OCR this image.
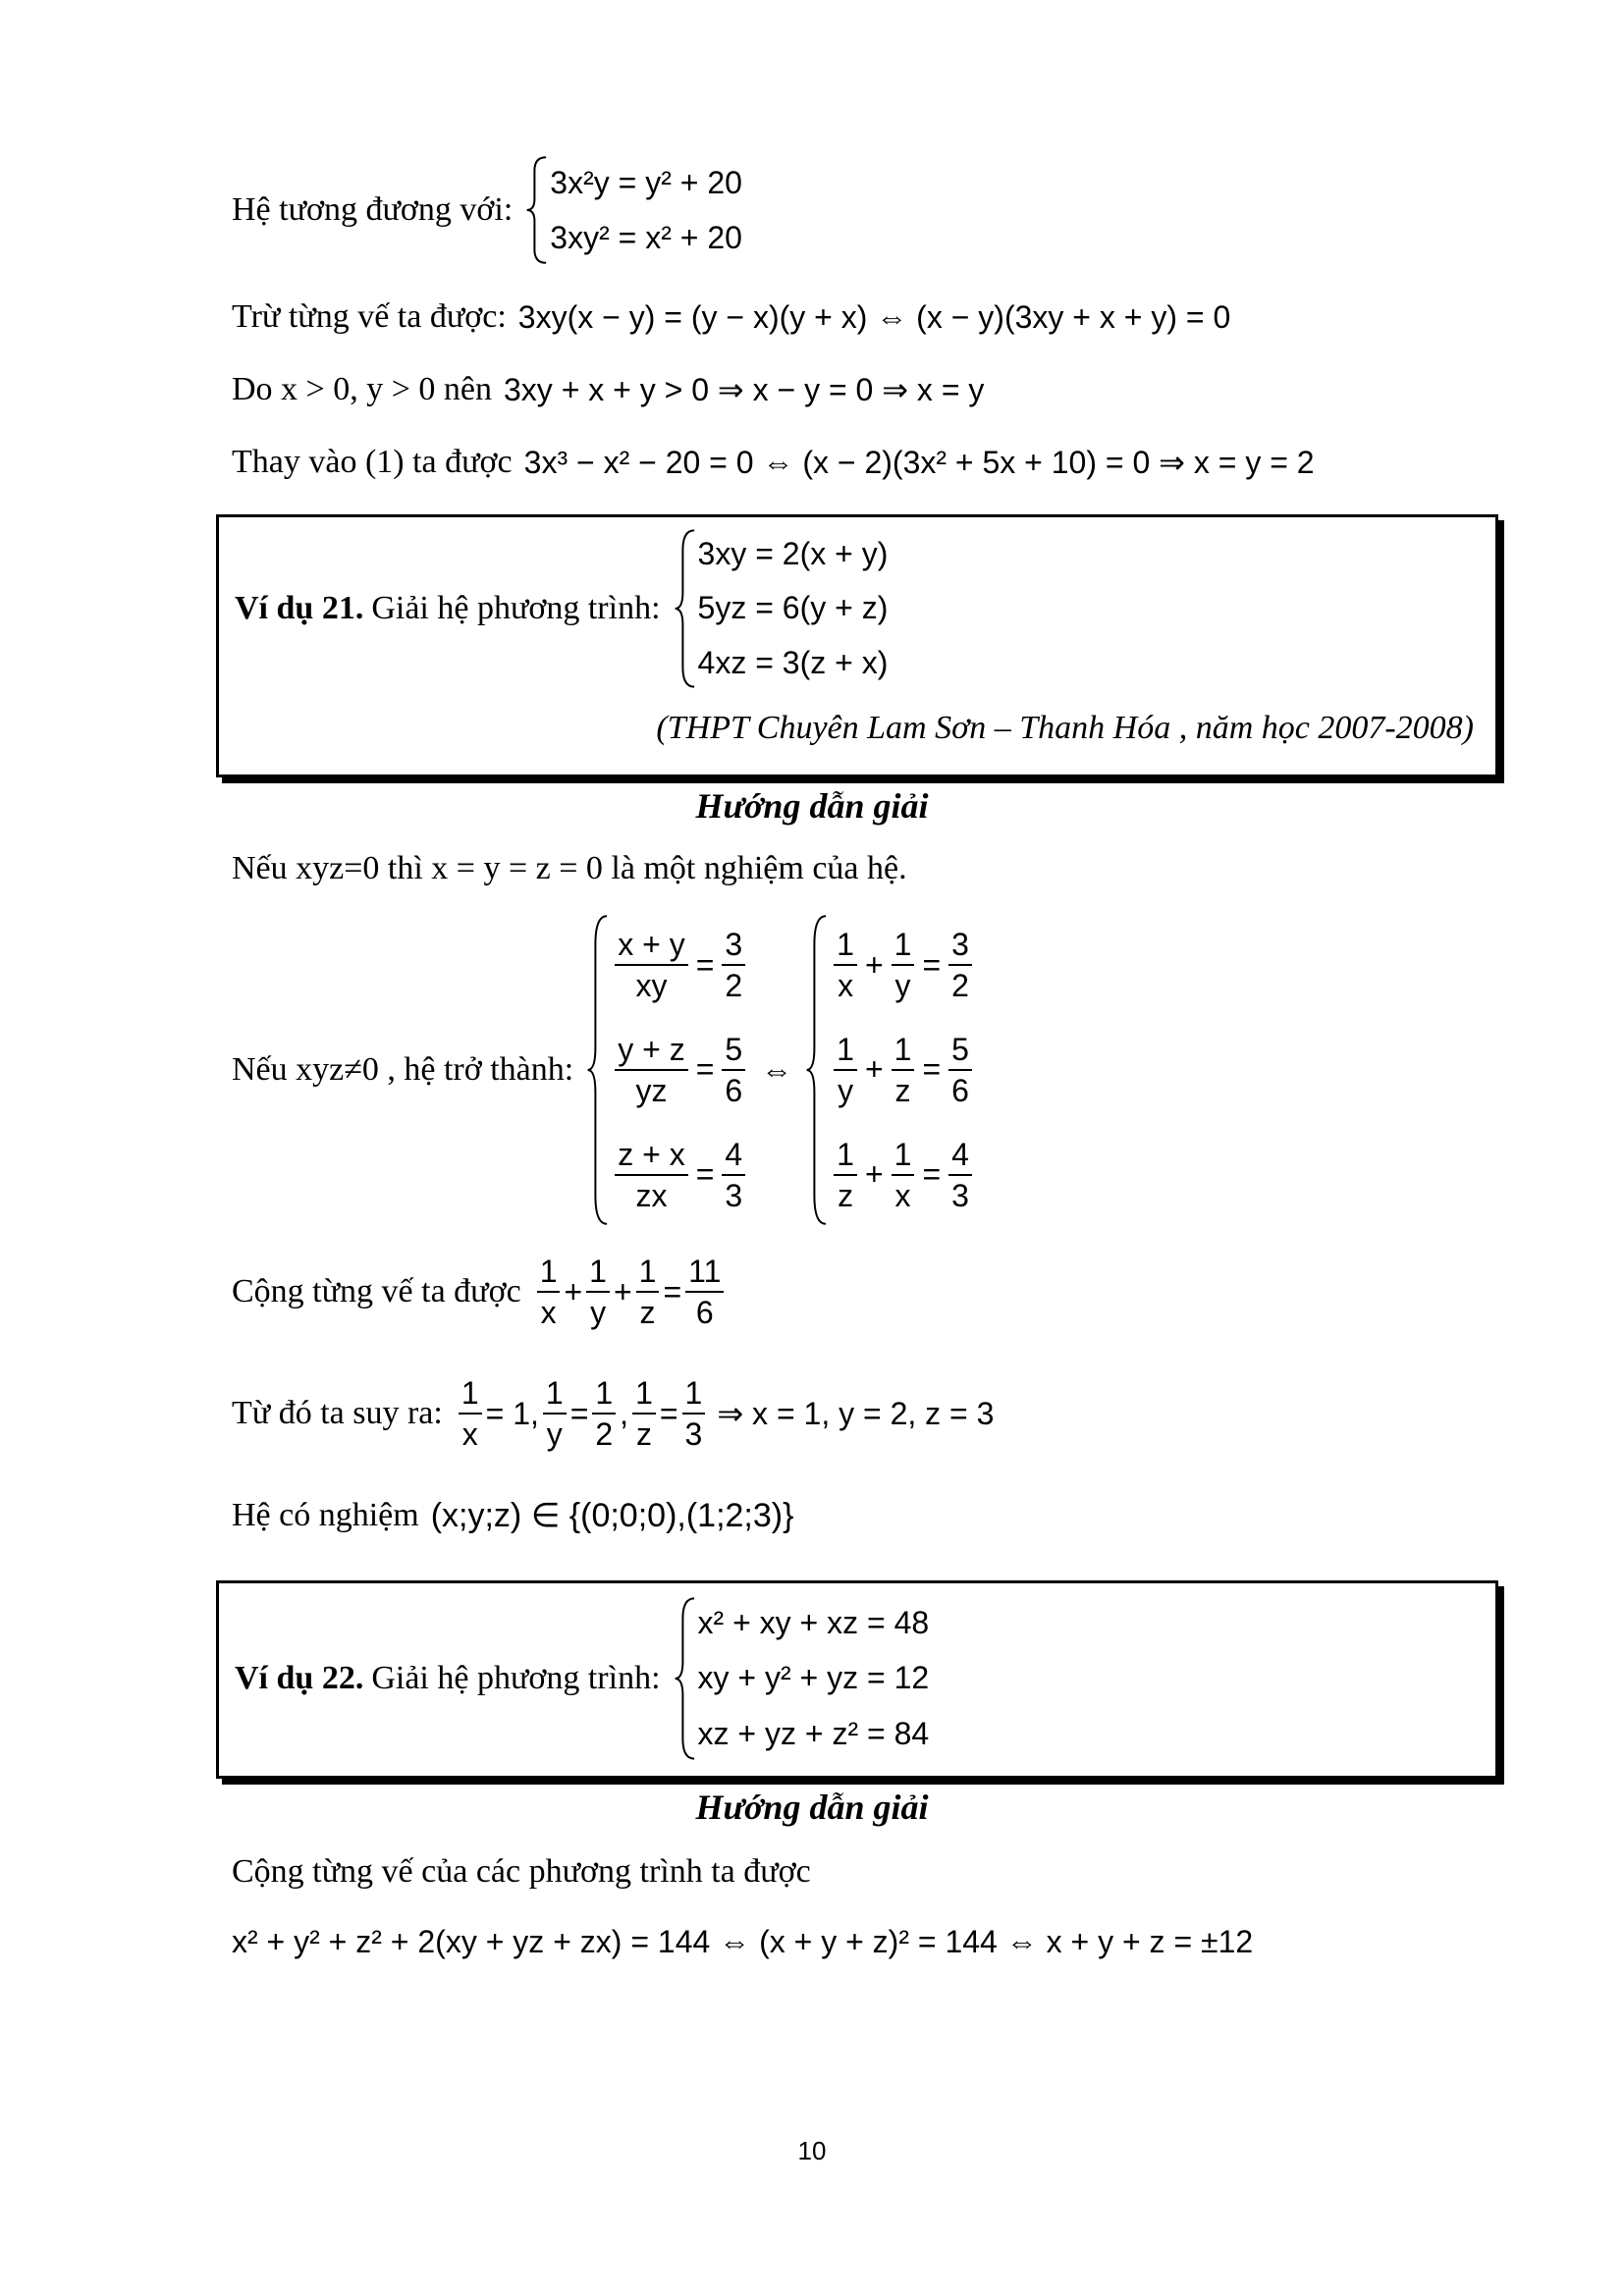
Hệ tương đương với:
3x²y = y² + 20
3xy² = x² + 20
Trừ từng vế ta được: 3xy(x − y) = (y − x)(y + x) ⇔ (x − y)(3xy + x + y) = 0
Do x > 0, y > 0 nên 3xy + x + y > 0 ⇒ x − y = 0 ⇒ x = y
Thay vào (1) ta được 3x³ − x² − 20 = 0 ⇔ (x − 2)(3x² + 5x + 10) = 0 ⇒ x = y = 2
Ví dụ 21. Giải hệ phương trình:
3xy = 2(x + y)
5yz = 6(y + z)
4xz = 3(z + x)
(THPT Chuyên Lam Sơn – Thanh Hóa , năm học 2007-2008)
Hướng dẫn giải
Nếu xyz=0 thì x = y = z = 0 là một nghiệm của hệ.
Nếu xyz≠0 , hệ trở thành:
$\frac{x + y}{xy} = \frac{3}{2}$
$\frac{y + z}{yz} = \frac{5}{6}$
$\frac{z + x}{zx} = \frac{4}{3}$
⇔
$\frac{1}{x} + \frac{1}{y} = \frac{3}{2}$
$\frac{1}{y} + \frac{1}{z} = \frac{5}{6}$
$\frac{1}{z} + \frac{1}{x} = \frac{4}{3}$
Cộng từng vế ta được $\frac{1}{x} + \frac{1}{y} + \frac{1}{z} = \frac{11}{6}$
Từ đó ta suy ra: $\frac{1}{x}$ =
1 , $\frac{1}{y} = \frac{1}{2}$ , $\frac{1}{z} = \frac{1}{3}$ ⇒ x = 1, y = 2, z = 3
Hệ có nghiệm (x;y;z) ∈ {(0;0;0),(1;2;3)}
Ví dụ 22. Giải hệ phương trình:
x² + xy + xz = 48
xy + y² + yz = 12
xz + yz + z² = 84
Hướng dẫn giải
Cộng từng vế của các phương trình ta được
x² + y² + z² + 2(xy + yz + zx) = 144 ⇔ (x + y + z)² = 144 ⇔ x + y + z = ±12
10
